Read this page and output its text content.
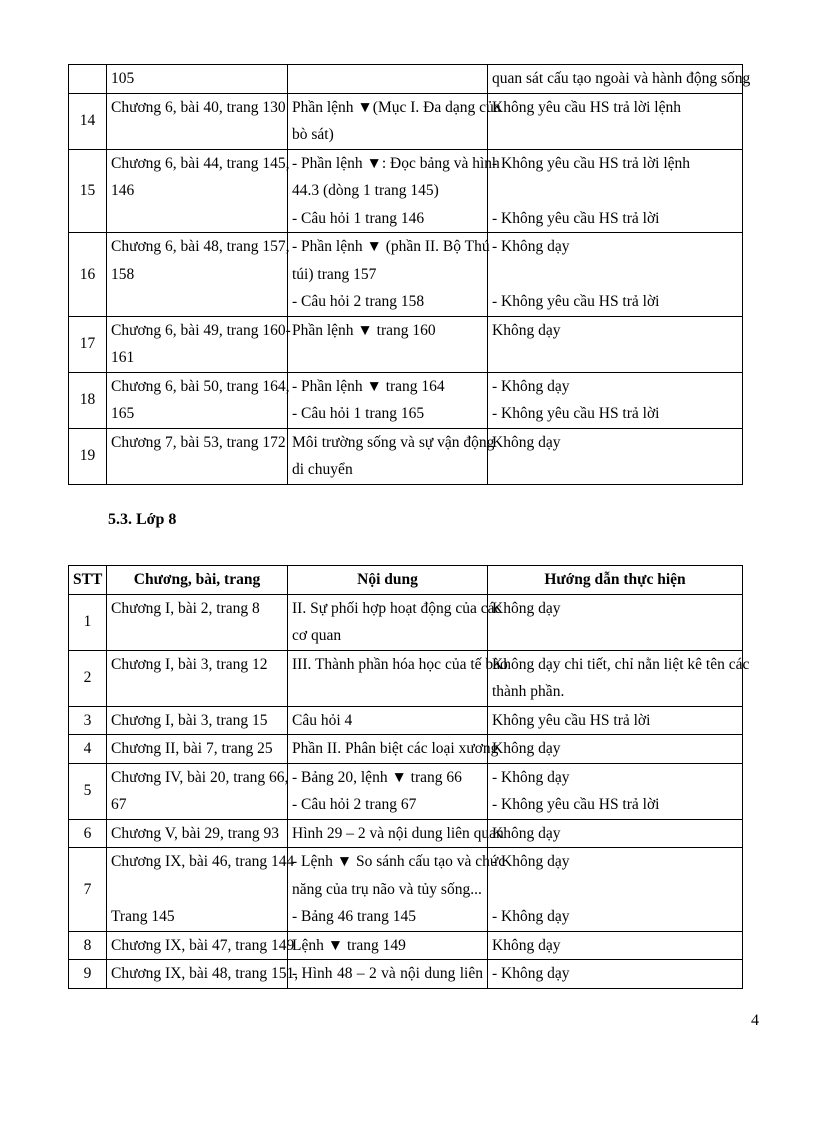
	105		quan sát cấu tạo ngoài và hành động sống

14	Chương 6, bài 40, trang 130	Phần lệnh ▼(Mục I. Đa dạng của
bò sát)	Không yêu cầu HS trả lời lệnh

15	Chương 6, bài 44, trang 145,
146	- Phần lệnh ▼: Đọc bảng và hình
44.3 (dòng 1 trang 145)
- Câu hỏi 1 trang 146	- Không yêu cầu HS trả lời lệnh
- Không yêu cầu HS trả lời

16	Chương 6, bài 48, trang 157,
158	- Phần lệnh ▼ (phần II. Bộ Thú
túi) trang 157
- Câu hỏi 2 trang 158	- Không dạy
- Không yêu cầu HS trả lời

17	Chương 6, bài 49, trang 160-
161	Phần lệnh ▼ trang 160	Không dạy

18	Chương 6, bài 50, trang 164,
165	- Phần lệnh ▼ trang 164
- Câu hỏi 1 trang 165	- Không dạy
- Không yêu cầu HS trả lời

19	Chương 7, bài 53, trang 172	Môi trường sống và sự vận động
di chuyển	Không dạy
5.3. Lớp 8
STT	Chương, bài, trang	Nội dung	Hướng dẫn thực hiện
1	Chương I, bài 2, trang 8	II. Sự phối hợp hoạt động của các
cơ quan	Không dạy

2	Chương I, bài 3, trang 12	III. Thành phần hóa học của tế bào	Không dạy chi tiết, chỉ nằn liệt kê tên các
thành phần.

3	Chương I, bài 3, trang 15	Câu hỏi 4	Không yêu cầu HS trả lời

4	Chương II, bài 7, trang 25	Phần II. Phân biệt các loại xương	Không dạy

5	Chương IV, bài 20, trang 66,
67	- Bảng 20, lệnh ▼ trang 66
- Câu hỏi 2 trang 67	- Không dạy
- Không yêu cầu HS trả lời

6	Chương V, bài 29, trang 93	Hình 29 – 2 và nội dung liên quan	Không dạy

7	Chương IX, bài 46, trang 144
Trang 145	- Lệnh ▼ So sánh cấu tạo và chức
năng của trụ não và tủy sống...
- Bảng 46 trang 145	- Không dạy
- Không dạy

8	Chương IX, bài 47, trang 149	Lệnh ▼ trang 149	Không dạy

9	Chương IX, bài 48, trang 151,	- Hình 48 – 2 và nội dung liên	- Không dạy
4
